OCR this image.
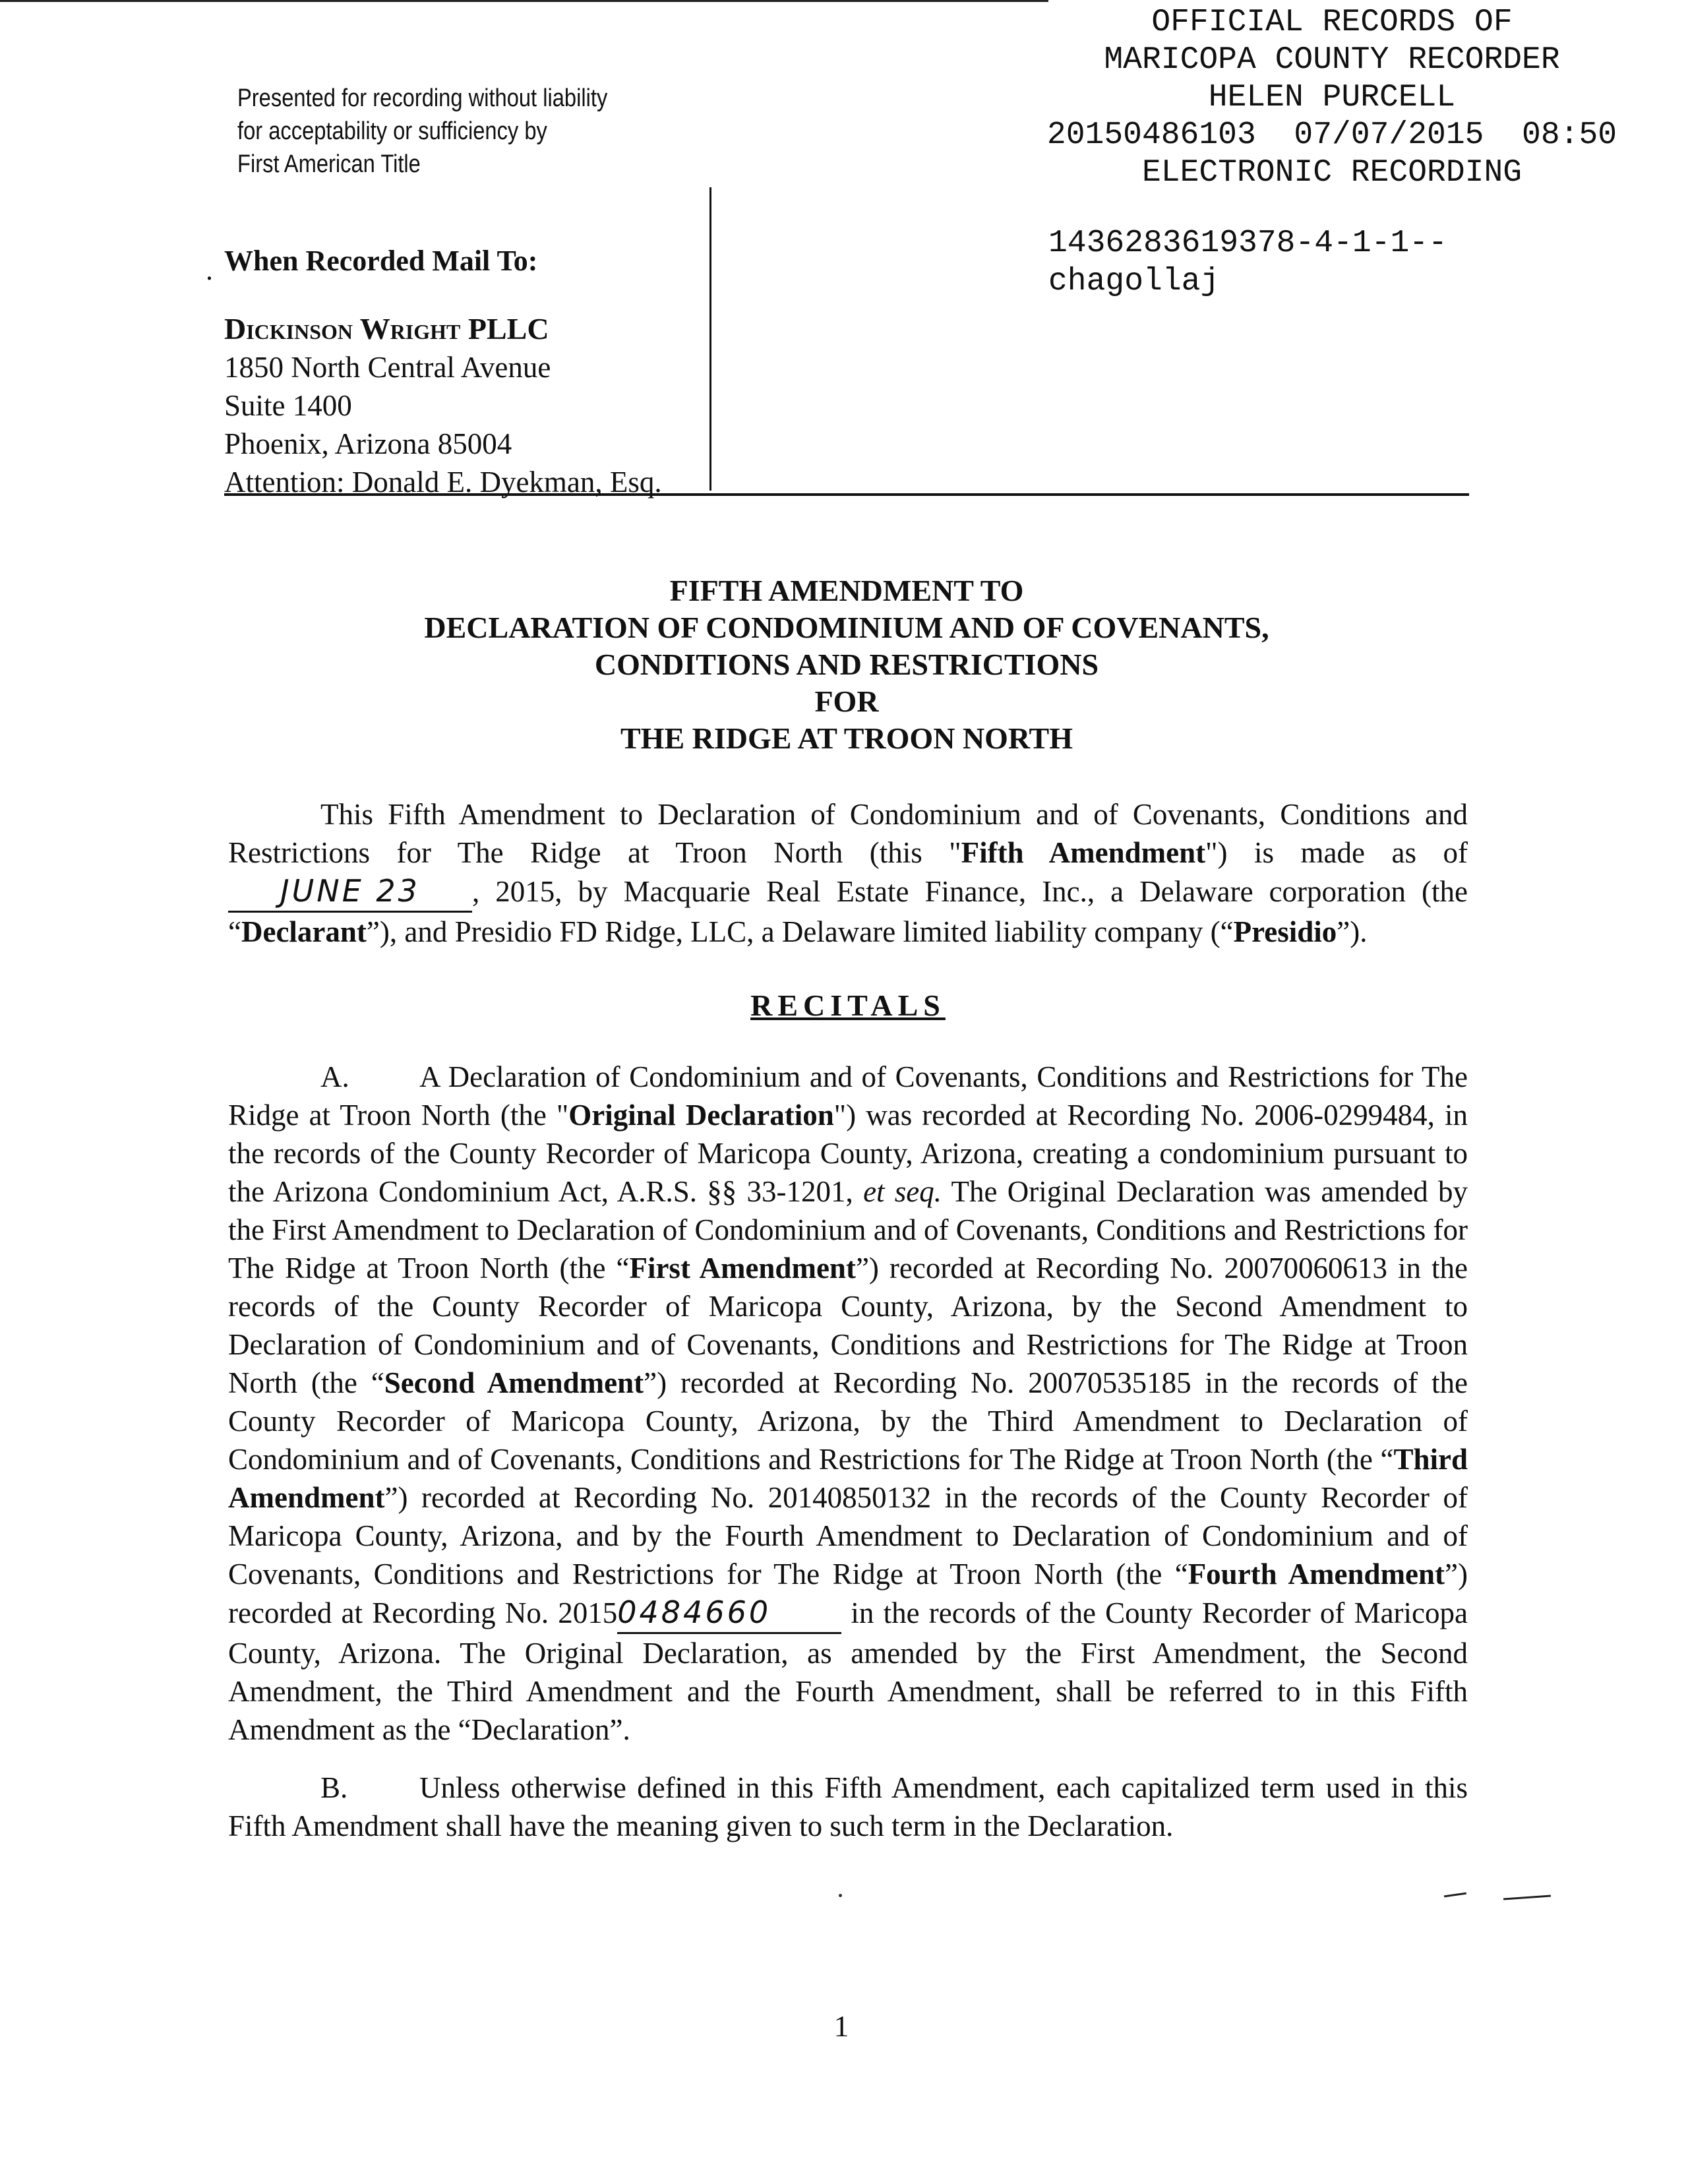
Presented for recording without liability
for acceptability or sufficiency by
First American Title
OFFICIAL RECORDS OF
MARICOPA COUNTY RECORDER
HELEN PURCELL
20150486103  07/07/2015  08:50
ELECTRONIC RECORDING
1436283619378-4-1-1--
chagollaj
. When Recorded Mail To:
Dickinson Wright PLLC
1850 North Central Avenue
Suite 1400
Phoenix, Arizona 85004
Attention: Donald E. Dyekman, Esq.
FIFTH AMENDMENT TO
DECLARATION OF CONDOMINIUM AND OF COVENANTS,
CONDITIONS AND RESTRICTIONS
FOR
THE RIDGE AT TROON NORTH
This Fifth Amendment to Declaration of Condominium and of Covenants, Conditions and Restrictions for The Ridge at Troon North (this "Fifth Amendment") is made as of JUNE 23 , 2015, by Macquarie Real Estate Finance, Inc., a Delaware corporation (the “Declarant”), and Presidio FD Ridge, LLC, a Delaware limited liability company (“Presidio”).
RECITALS
A. A Declaration of Condominium and of Covenants, Conditions and Restrictions for The Ridge at Troon North (the "Original Declaration") was recorded at Recording No. 2006-0299484, in the records of the County Recorder of Maricopa County, Arizona, creating a condominium pursuant to the Arizona Condominium Act, A.R.S. §§ 33-1201, et seq. The Original Declaration was amended by the First Amendment to Declaration of Condominium and of Covenants, Conditions and Restrictions for The Ridge at Troon North (the “First Amendment”) recorded at Recording No. 20070060613 in the records of the County Recorder of Maricopa County, Arizona, by the Second Amendment to Declaration of Condominium and of Covenants, Conditions and Restrictions for The Ridge at Troon North (the “Second Amendment”) recorded at Recording No. 20070535185 in the records of the County Recorder of Maricopa County, Arizona, by the Third Amendment to Declaration of Condominium and of Covenants, Conditions and Restrictions for The Ridge at Troon North (the “Third Amendment”) recorded at Recording No. 20140850132 in the records of the County Recorder of Maricopa County, Arizona, and by the Fourth Amendment to Declaration of Condominium and of Covenants, Conditions and Restrictions for The Ridge at Troon North (the “Fourth Amendment”) recorded at Recording No. 20150484660 in the records of the County Recorder of Maricopa County, Arizona. The Original Declaration, as amended by the First Amendment, the Second Amendment, the Third Amendment and the Fourth Amendment, shall be referred to in this Fifth Amendment as the “Declaration”.
B. Unless otherwise defined in this Fifth Amendment, each capitalized term used in this Fifth Amendment shall have the meaning given to such term in the Declaration.
1
